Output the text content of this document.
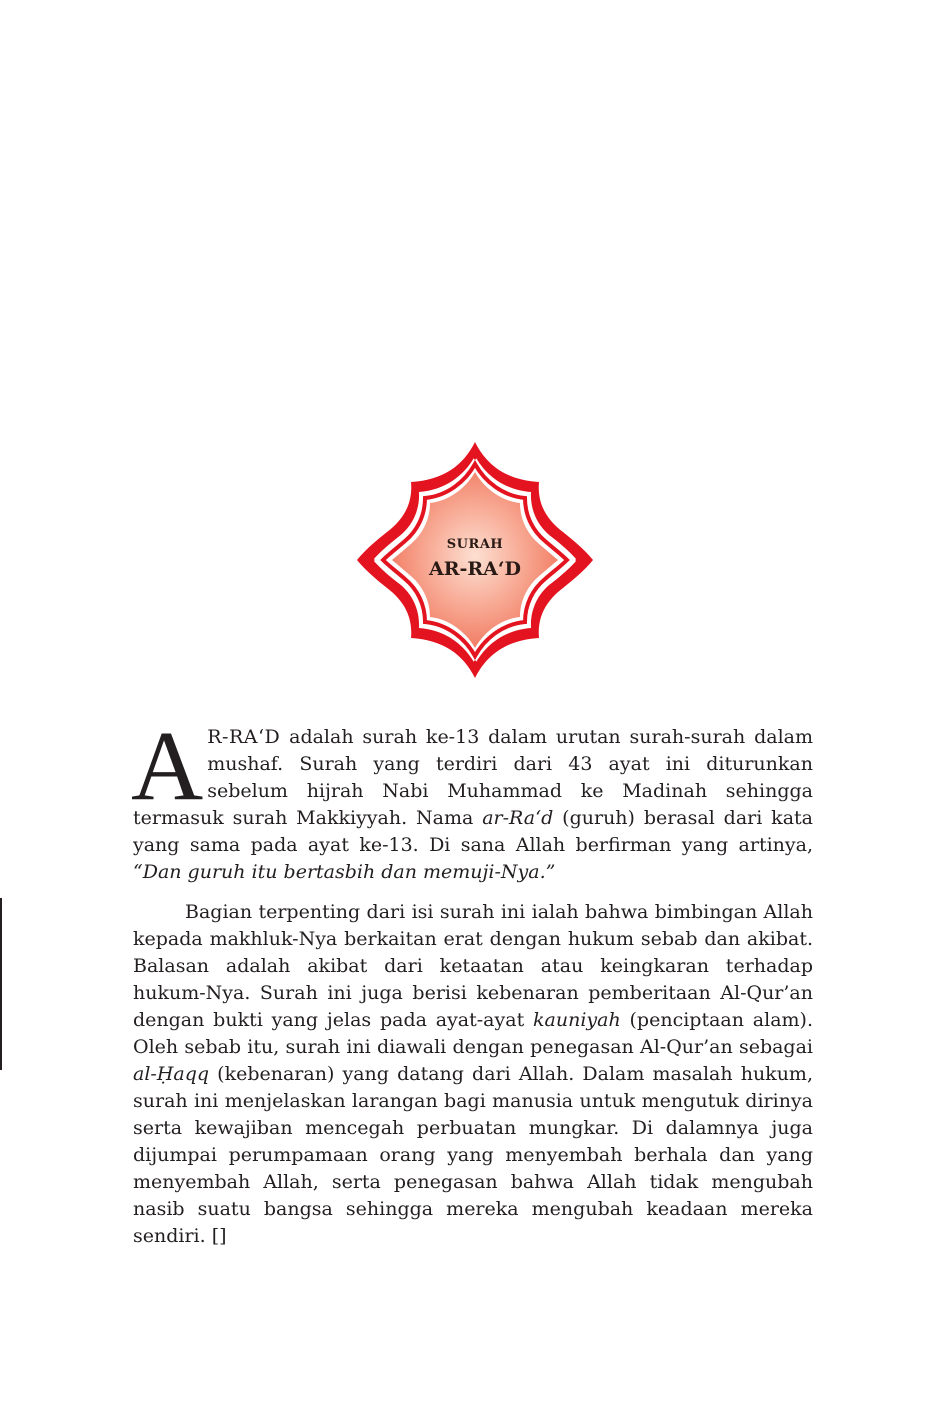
SURAH
AR-RA‘D

A R-RA‘D adalah surah ke-13 dalam urutan surah-surah dalam mushaf. Surah yang terdiri dari 43 ayat ini diturunkan sebelum hijrah Nabi Muhammad ke Madinah sehingga termasuk surah Makkiyyah. Nama ar-Ra‘d (guruh) berasal dari kata yang sama pada ayat ke-13. Di sana Allah berfirman yang artinya, “Dan guruh itu bertasbih dan memuji-Nya.”

Bagian terpenting dari isi surah ini ialah bahwa bimbingan Allah kepada makhluk-Nya berkaitan erat dengan hukum sebab dan akibat. Balasan adalah akibat dari ketaatan atau keingkaran terhadap hukum-Nya. Surah ini juga berisi kebenaran pemberitaan Al-Qur’an dengan bukti yang jelas pada ayat-ayat kauniyah (penciptaan alam). Oleh sebab itu, surah ini diawali dengan penegasan Al-Qur’an sebagai al-Ḥaqq (kebenaran) yang datang dari Allah. Dalam masalah hukum, surah ini menjelaskan larangan bagi manusia untuk mengutuk dirinya serta kewajiban mencegah perbuatan mungkar. Di dalamnya juga dijumpai perumpamaan orang yang menyembah berhala dan yang menyembah Allah, serta penegasan bahwa Allah tidak mengubah nasib suatu bangsa sehingga mereka mengubah keadaan mereka sendiri. []
